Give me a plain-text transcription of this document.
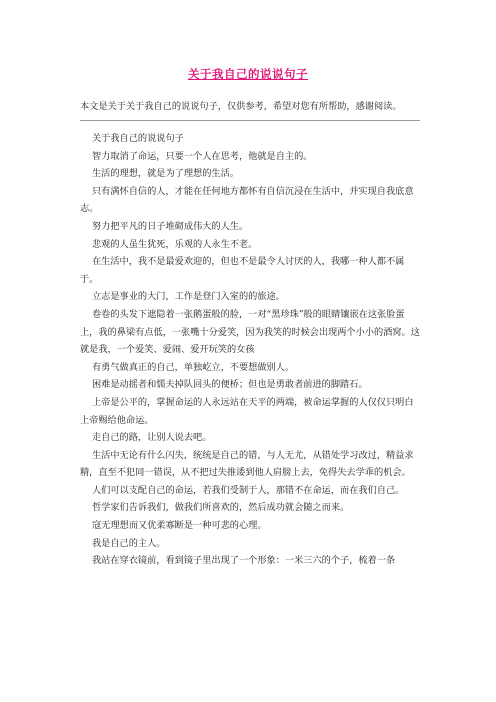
关于我自己的说说句子
本文是关于关于我自己的说说句子，仅供参考，希望对您有所帮助，感谢阅读。

关于我自己的说说句子

智力取消了命运，只要一个人在思考，他就是自主的。

生活的理想，就是为了理想的生活。

只有满怀自信的人，才能在任何地方都怀有自信沉浸在生活中，并实现自我底意志。

努力把平凡的日子堆砌成伟大的人生。

悲观的人虽生犹死，乐观的人永生不老。

在生活中，我不是最爱欢迎的，但也不是最令人讨厌的人，我哪一种人都不属于。

立志是事业的大门，工作是登门入室的的旅途。

卷卷的头发下遮隐着一张鹅蛋般的脸，一对“黑珍珠”般的眼睛镶嵌在这张脸蛋上，我的鼻梁有点低，一张嘴十分爱笑，因为我笑的时候会出现两个小小的酒窝。这就是我，一个爱笑、爱闹、爱开玩笑的女孩

有勇气做真正的自己，单独屹立，不要想做别人。

困难是动摇者和懦夫掉队回头的便桥；但也是勇敢者前进的脚踏石。

上帝是公平的，掌握命运的人永远站在天平的两端，被命运掌握的人仅仅只明白上帝赐给他命运。

走自己的路，让别人说去吧。

生活中无论有什么闪失，统统是自己的错，与人无尤，从错处学习改过，精益求精，直至不犯同一错误，从不把过失推诿到他人肩膀上去，免得失去学乖的机会。

人们可以支配自己的命运，若我们受制于人，那错不在命运，而在我们自己。

哲学家们告诉我们，做我们所喜欢的，然后成功就会随之而来。

寇无理想而又优柔寡断是一种可悲的心理。

我是自己的主人。

我站在穿衣镜前，看到镜子里出现了一个形象：一米三六的个子，梳着一条
